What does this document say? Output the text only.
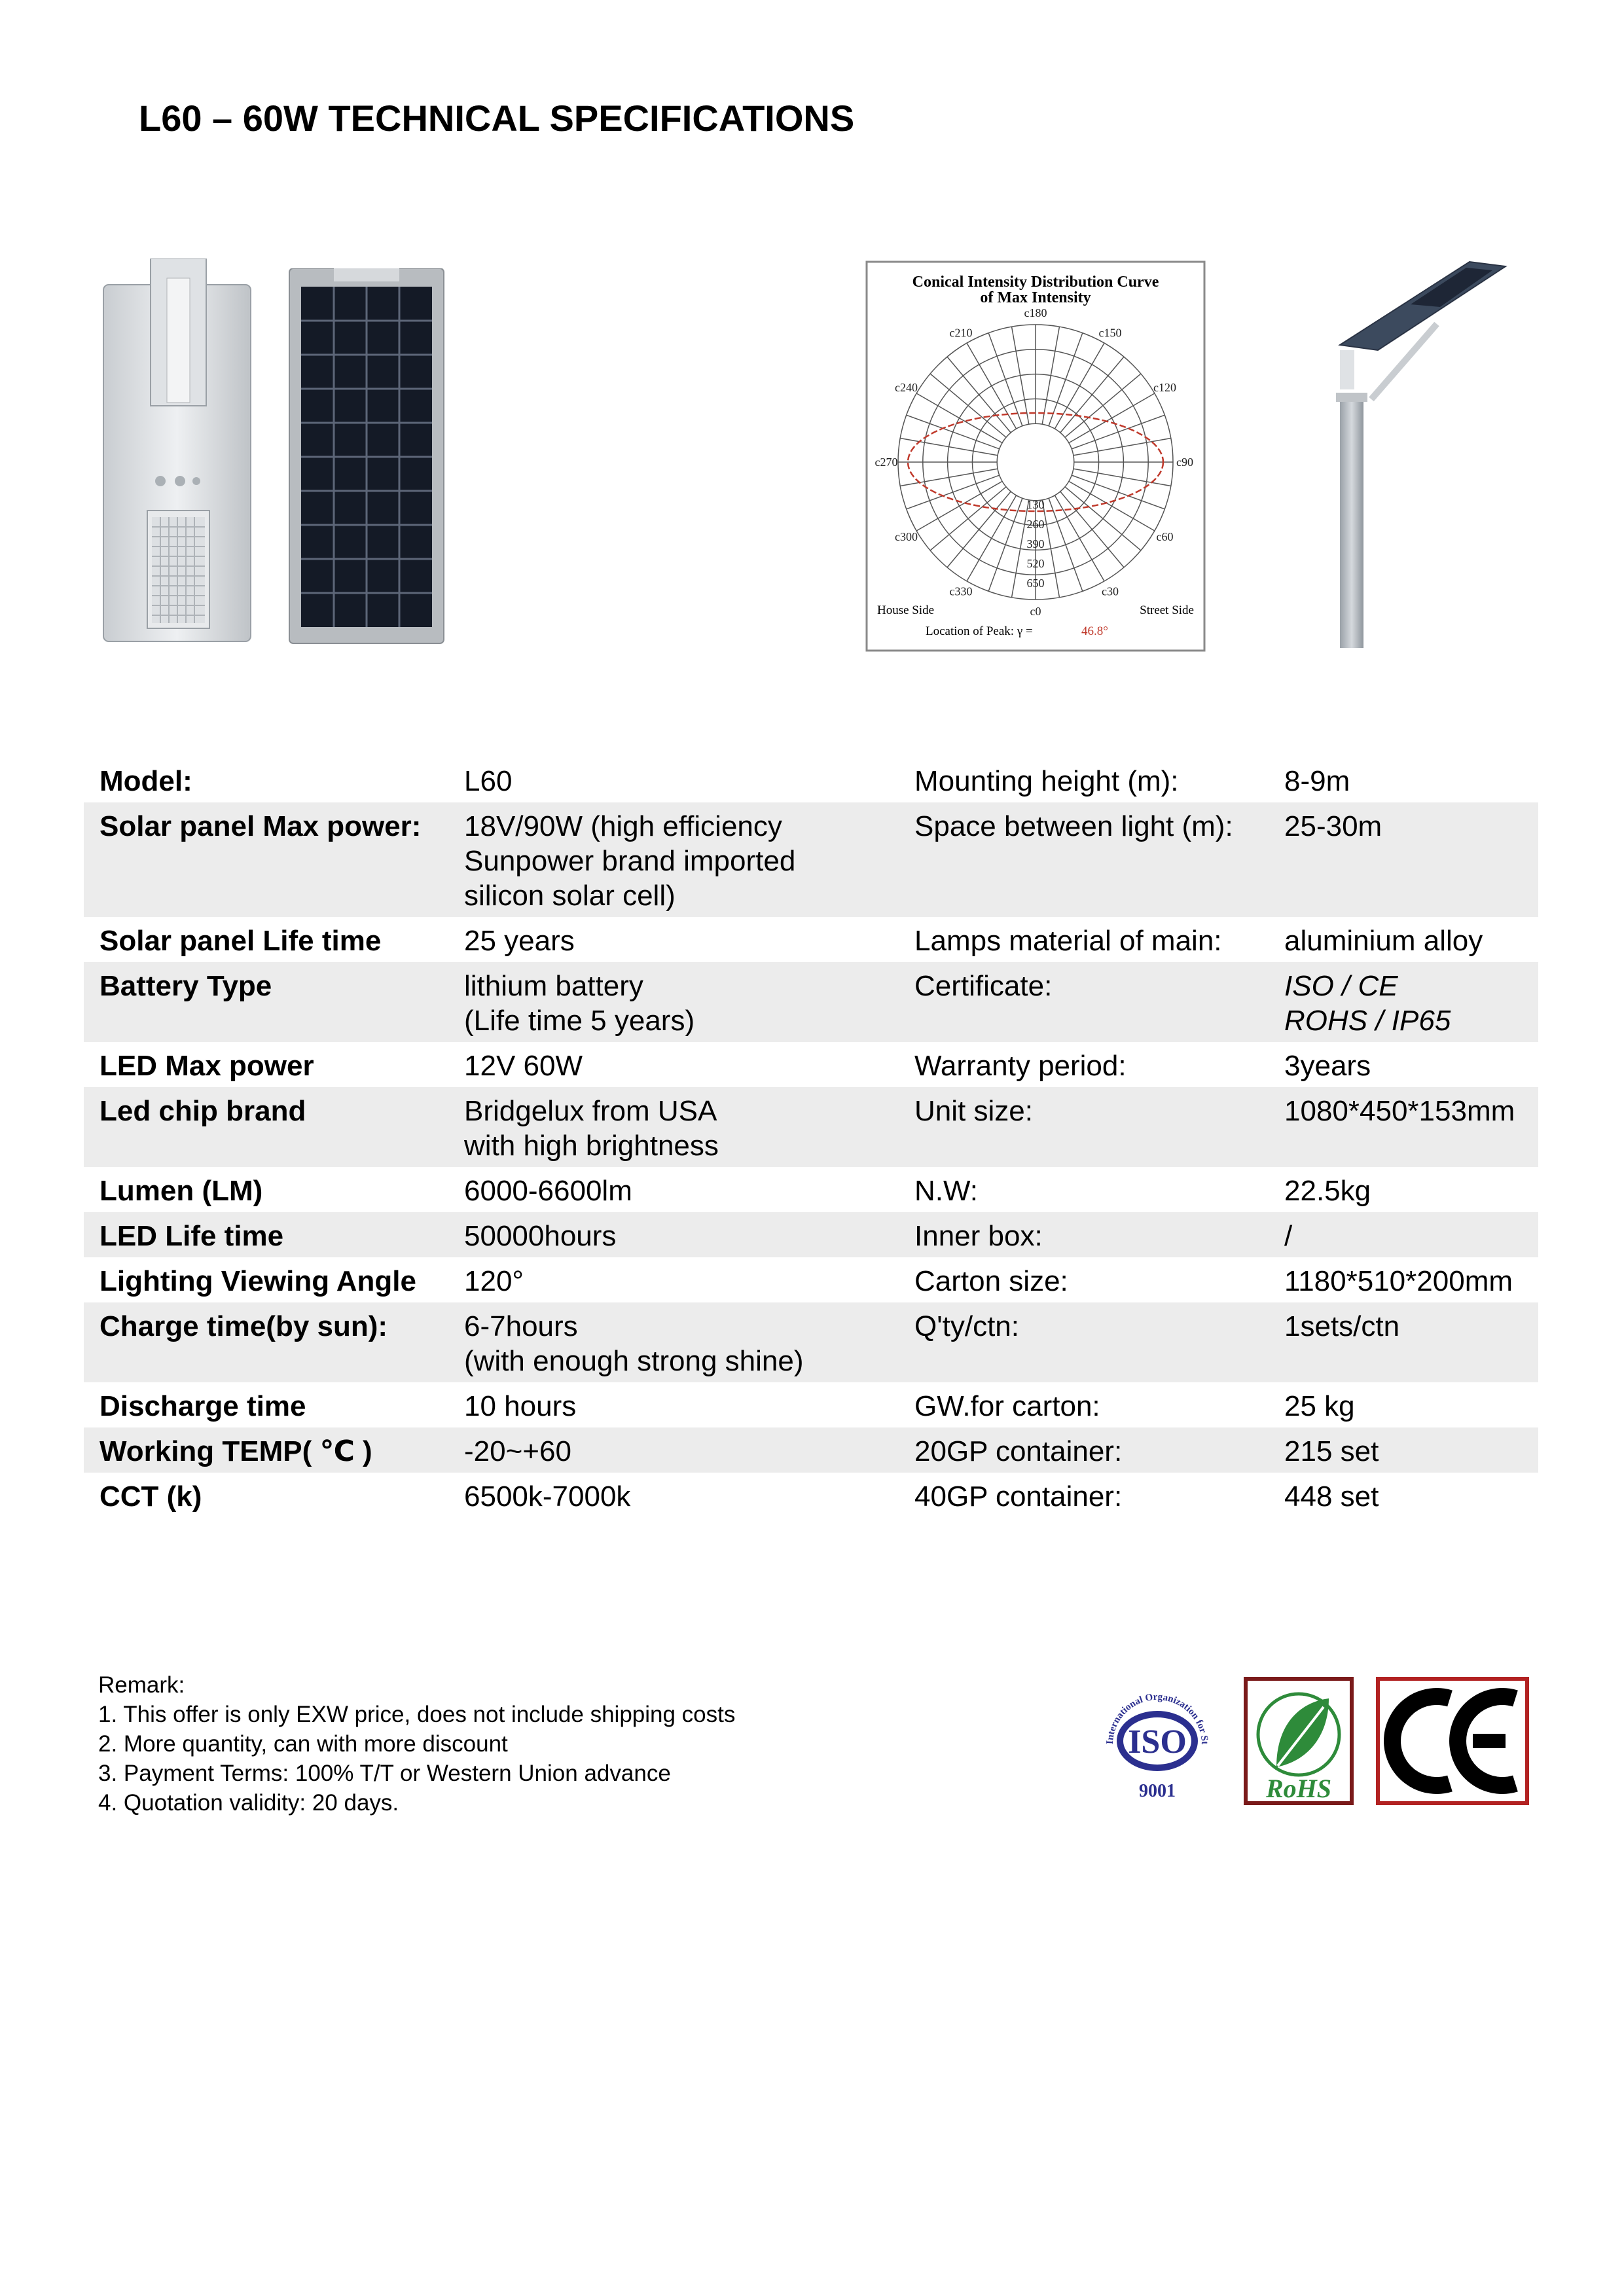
L60 – 60W TECHNICAL SPECIFICATIONS
Conical Intensity Distribution Curve
of Max Intensity
c180
c210	c150
c240	c120
c270	c90
c300	c60
c330	c30
c0
130
260
390
520
650
House Side	Street Side
Location of Peak: γ =	46.8°
Model:	L60	Mounting height (m):	8-9m

Solar panel Max power:	18V/90W (high efficiency
Sunpower brand imported
silicon solar cell)	Space between light (m):	25-30m

Solar panel Life time	25 years	Lamps material of main:	aluminium alloy

Battery Type	lithium battery
(Life time 5 years)	Certificate:	ISO / CE
ROHS / IP65

LED Max power	12V 60W	Warranty period:	3years

Led chip brand	Bridgelux from USA
with high brightness	Unit size:	1080*450*153mm

Lumen (LM)	6000-6600lm	N.W:	22.5kg

LED Life time	50000hours	Inner box:	/

Lighting Viewing Angle	120°	Carton size:	1180*510*200mm

Charge time(by sun):	6-7hours
(with enough strong shine)	Q'ty/ctn:	1sets/ctn

Discharge time	10 hours	GW.for carton:	25 kg

Working TEMP( ℃ )	-20~+60	20GP container:	215 set

CCT (k)	6500k-7000k	40GP container:	448 set
Remark:
1. This offer is only EXW price, does not include shipping costs
2. More quantity, can with more discount
3. Payment Terms: 100% T/T or Western Union advance
4. Quotation validity: 20 days.
International Organization for St
ISO
9001	RoHS
CE
